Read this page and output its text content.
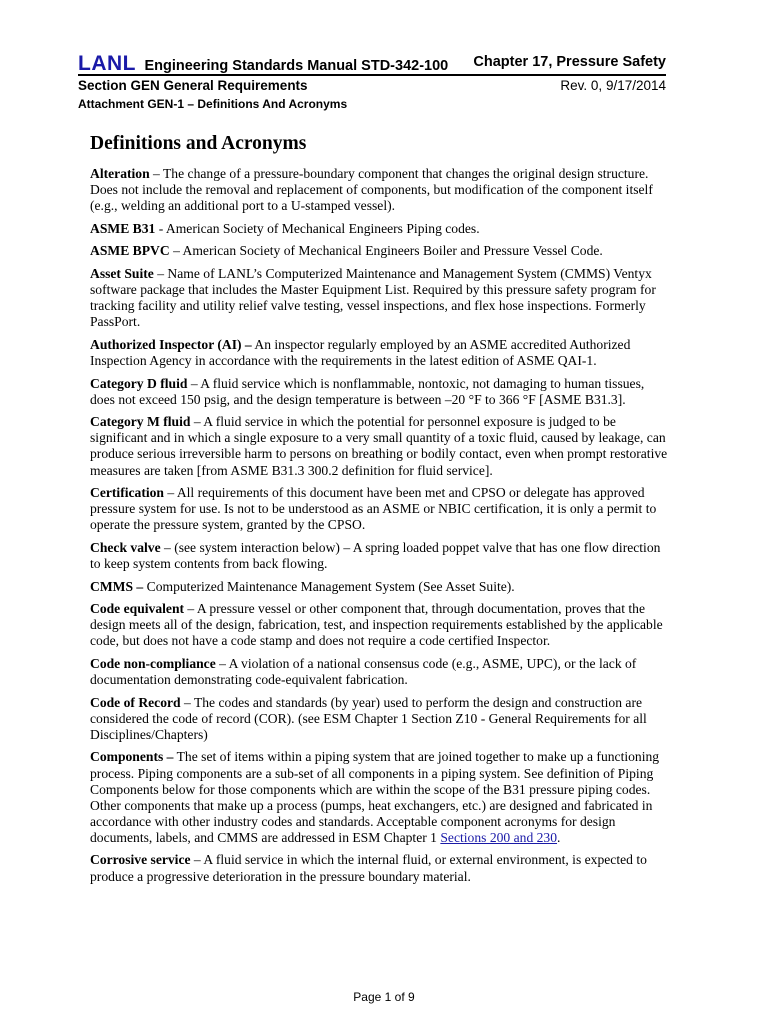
LANL Engineering Standards Manual STD-342-100 Chapter 17, Pressure Safety
Section GEN General Requirements	Rev. 0, 9/17/2014
Attachment GEN-1 – Definitions And Acronyms
Definitions and Acronyms

Alteration – The change of a pressure-boundary component that changes the original design structure. Does not include the removal and replacement of components, but modification of the component itself (e.g., welding an additional port to a U-stamped vessel).

ASME B31 - American Society of Mechanical Engineers Piping codes.

ASME BPVC – American Society of Mechanical Engineers Boiler and Pressure Vessel Code.

Asset Suite – Name of LANL’s Computerized Maintenance and Management System (CMMS) Ventyx software package that includes the Master Equipment List. Required by this pressure safety program for tracking facility and utility relief valve testing, vessel inspections, and flex hose inspections. Formerly PassPort.

Authorized Inspector (AI) – An inspector regularly employed by an ASME accredited Authorized Inspection Agency in accordance with the requirements in the latest edition of ASME QAI-1.

Category D fluid – A fluid service which is nonflammable, nontoxic, not damaging to human tissues, does not exceed 150 psig, and the design temperature is between –20 °F to 366 °F [ASME B31.3].

Category M fluid – A fluid service in which the potential for personnel exposure is judged to be significant and in which a single exposure to a very small quantity of a toxic fluid, caused by leakage, can produce serious irreversible harm to persons on breathing or bodily contact, even when prompt restorative measures are taken [from ASME B31.3 300.2 definition for fluid service].

Certification – All requirements of this document have been met and CPSO or delegate has approved pressure system for use. Is not to be understood as an ASME or NBIC certification, it is only a permit to operate the pressure system, granted by the CPSO.

Check valve – (see system interaction below) – A spring loaded poppet valve that has one flow direction to keep system contents from back flowing.

CMMS – Computerized Maintenance Management System (See Asset Suite).

Code equivalent – A pressure vessel or other component that, through documentation, proves that the design meets all of the design, fabrication, test, and inspection requirements established by the applicable code, but does not have a code stamp and does not require a code certified Inspector.

Code non-compliance – A violation of a national consensus code (e.g., ASME, UPC), or the lack of documentation demonstrating code-equivalent fabrication.

Code of Record – The codes and standards (by year) used to perform the design and construction are considered the code of record (COR). (see ESM Chapter 1 Section Z10 - General Requirements for all Disciplines/Chapters)

Components – The set of items within a piping system that are joined together to make up a functioning process. Piping components are a sub-set of all components in a piping system. See definition of Piping Components below for those components which are within the scope of the B31 pressure piping codes. Other components that make up a process (pumps, heat exchangers, etc.) are designed and fabricated in accordance with other industry codes and standards. Acceptable component acronyms for design documents, labels, and CMMS are addressed in ESM Chapter 1 Sections 200 and 230.

Corrosive service – A fluid service in which the internal fluid, or external environment, is expected to produce a progressive deterioration in the pressure boundary material.

Page 1 of 9
